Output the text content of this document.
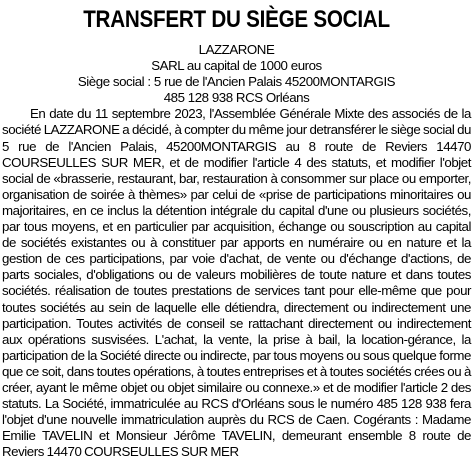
TRANSFERT DU SIÈGE SOCIAL
LAZZARONE
SARL au capital de 1000 euros
Siège social : 5 rue de l'Ancien Palais 45200MONTARGIS
485 128 938 RCS Orléans

En date du 11 septembre 2023, l'Assemblée Générale Mixte des associés de la société LAZZARONE a décidé, à compter du même jour detransférer le siège social du 5 rue de l'Ancien Palais, 45200MONTARGIS au 8 route de Reviers 14470 COURSEULLES SUR MER, et de modifier l'article 4 des statuts, et modifier l'objet social de «brasserie, restaurant, bar, restauration à consommer sur place ou emporter, organisation de soirée à thèmes» par celui de «prise de participations minoritaires ou majoritaires, en ce inclus la détention intégrale du capital d'une ou plusieurs sociétés, par tous moyens, et en particulier par acquisition, échange ou souscription au capital de sociétés existantes ou à constituer par apports en numéraire ou en nature et la gestion de ces participations, par voie d'achat, de vente ou d'échange d'actions, de parts sociales, d'obligations ou de valeurs mobilières de toute nature et dans toutes sociétés. réalisation de toutes prestations de services tant pour elle-même que pour toutes sociétés au sein de laquelle elle détiendra, directement ou indirectement une participation. Toutes activités de conseil se rattachant directement ou indirectement aux opérations susvisées. L'achat, la vente, la prise à bail, la location-gérance, la participation de la Société directe ou indirecte, par tous moyens ou sous quelque forme que ce soit, dans toutes opérations, à toutes entreprises et à toutes sociétés crées ou à créer, ayant le même objet ou objet similaire ou connexe.» et de modifier l'article 2 des statuts. La Société, immatriculée au RCS d'Orléans sous le numéro 485 128 938 fera l'objet d'une nouvelle immatriculation auprès du RCS de Caen. Cogérants : Madame Emilie TAVELIN et Monsieur Jérôme TAVELIN, demeurant ensemble 8 route de Reviers 14470 COURSEULLES SUR MER
